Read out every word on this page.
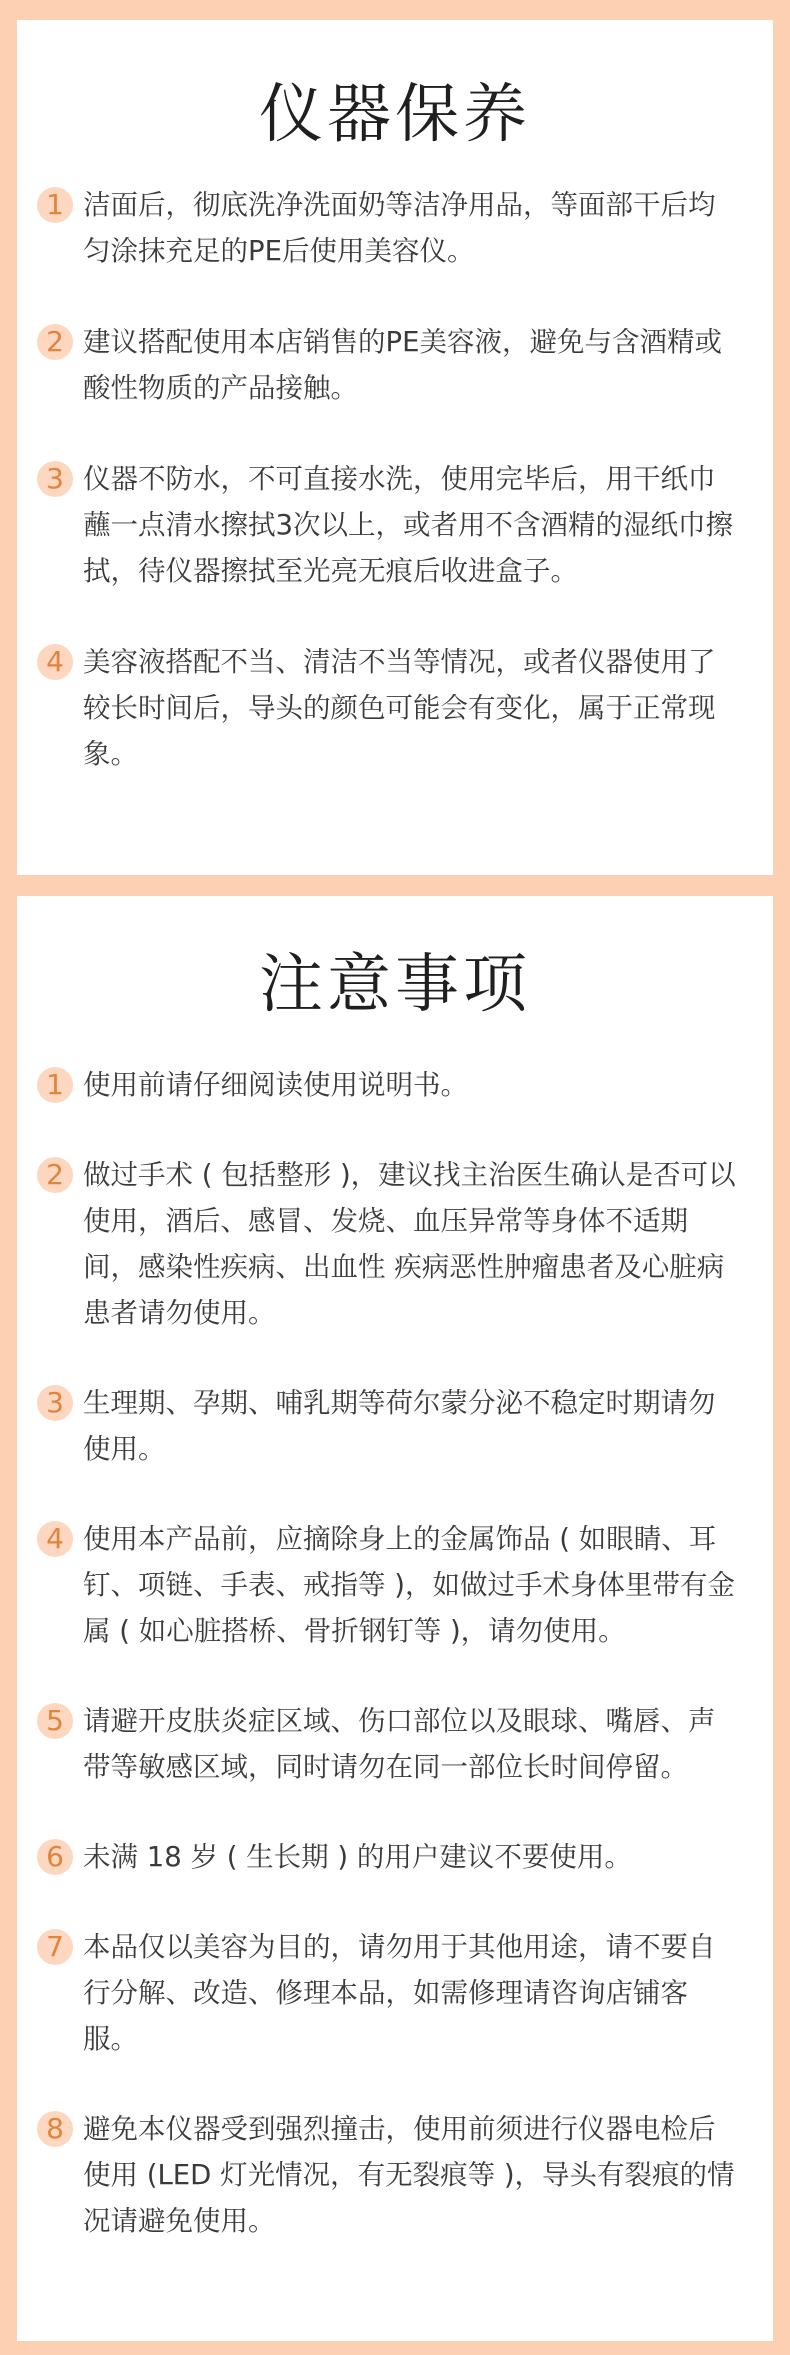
仪器保养
1 洁面后，彻底洗净洗面奶等洁净用品，等面部干后均匀涂抹充足的PE后使用美容仪。

2 建议搭配使用本店销售的PE美容液，避免与含酒精或酸性物质的产品接触。

3 仪器不防水，不可直接水洗，使用完毕后，用干纸巾蘸一点清水擦拭3次以上，或者用不含酒精的湿纸巾擦拭，待仪器擦拭至光亮无痕后收进盒子。

4 美容液搭配不当、清洁不当等情况，或者仪器使用了较长时间后，导头的颜色可能会有变化，属于正常现象。

注意事项
1 使用前请仔细阅读使用说明书。

2 做过手术 ( 包括整形 )，建议找主治医生确认是否可以使用，酒后、感冒、发烧、血压异常等身体不适期间，感染性疾病、出血性 疾病恶性肿瘤患者及心脏病患者请勿使用。

3 生理期、孕期、哺乳期等荷尔蒙分泌不稳定时期请勿使用。

4 使用本产品前，应摘除身上的金属饰品 ( 如眼睛、耳钉、项链、手表、戒指等 )，如做过手术身体里带有金属 ( 如心脏搭桥、骨折钢钉等 )，请勿使用。

5 请避开皮肤炎症区域、伤口部位以及眼球、嘴唇、声带等敏感区域，同时请勿在同一部位长时间停留。

6 未满 18 岁 ( 生长期 ) 的用户建议不要使用。

7 本品仅以美容为目的，请勿用于其他用途，请不要自行分解、改造、修理本品，如需修理请咨询店铺客服。

8 避免本仪器受到强烈撞击，使用前须进行仪器电检后使用 (LED 灯光情况，有无裂痕等 )，导头有裂痕的情况请避免使用。
